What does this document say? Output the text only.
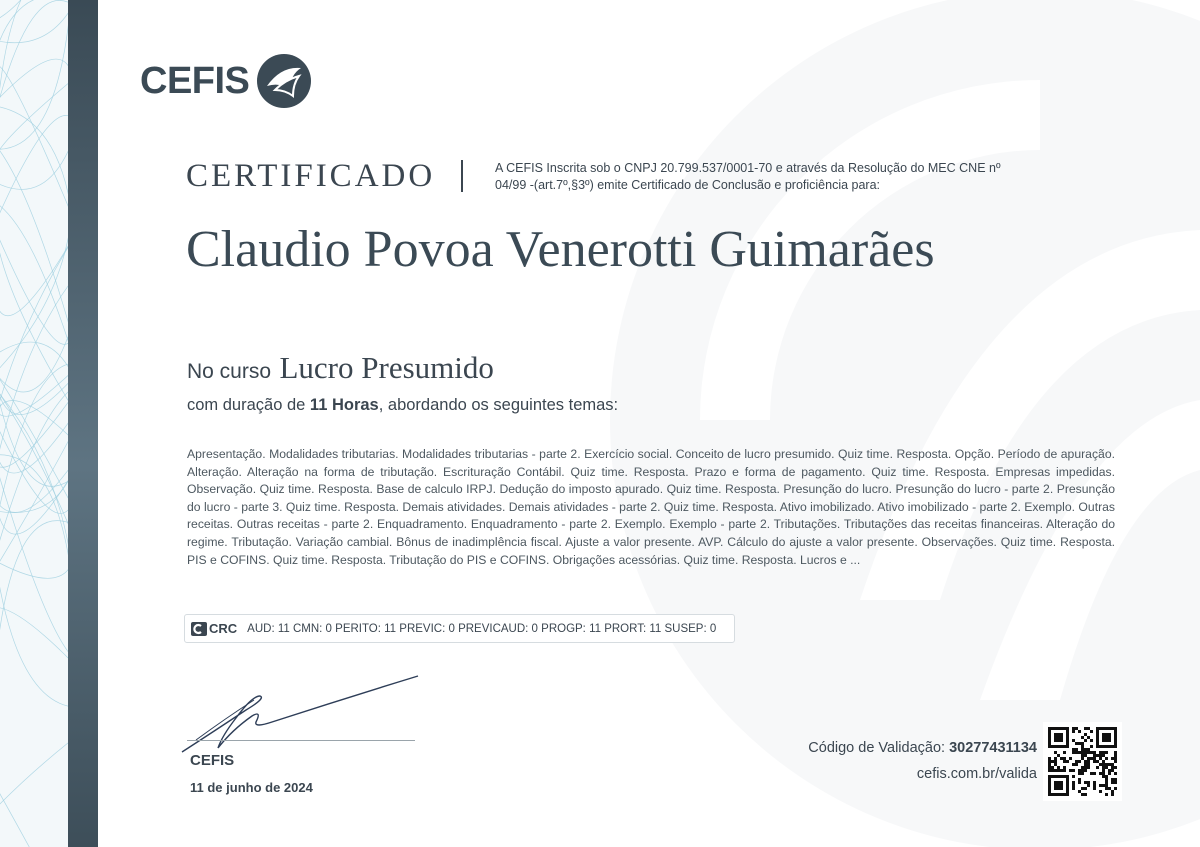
CEFIS
CERTIFICADO	A CEFIS Inscrita sob o CNPJ 20.799.537/0001-70 e através da Resolução do MEC CNE nº 04/99 -(art.7º,§3º) emite Certificado de Conclusão e proficiência para:
Claudio Povoa Venerotti Guimarães
No curso Lucro Presumido
com duração de 11 Horas, abordando os seguintes temas:
Apresentação. Modalidades tributarias. Modalidades tributarias - parte 2. Exercício social. Conceito de lucro presumido. Quiz time. Resposta. Opção. Período de apuração. Alteração. Alteração na forma de tributação. Escrituração Contábil. Quiz time. Resposta. Prazo e forma de pagamento. Quiz time. Resposta. Empresas impedidas. Observação. Quiz time. Resposta. Base de calculo IRPJ. Dedução do imposto apurado. Quiz time. Resposta. Presunção do lucro. Presunção do lucro - parte 2. Presunção do lucro - parte 3. Quiz time. Resposta. Demais atividades. Demais atividades - parte 2. Quiz time. Resposta. Ativo imobilizado. Ativo imobilizado - parte 2. Exemplo. Outras receitas. Outras receitas - parte 2. Enquadramento. Enquadramento - parte 2. Exemplo. Exemplo - parte 2. Tributações. Tributações das receitas financeiras. Alteração do regime. Tributação. Variação cambial. Bônus de inadimplência fiscal. Ajuste a valor presente. AVP. Cálculo do ajuste a valor presente. Observações. Quiz time. Resposta. PIS e COFINS. Quiz time. Resposta. Tributação do PIS e COFINS. Obrigações acessórias. Quiz time. Resposta. Lucros e ...
CRC AUD: 11 CMN: 0 PERITO: 11 PREVIC: 0 PREVICAUD: 0 PROGP: 11 PRORT: 11 SUSEP: 0
CEFIS
11 de junho de 2024
Código de Validação: 30277431134
cefis.com.br/valida
